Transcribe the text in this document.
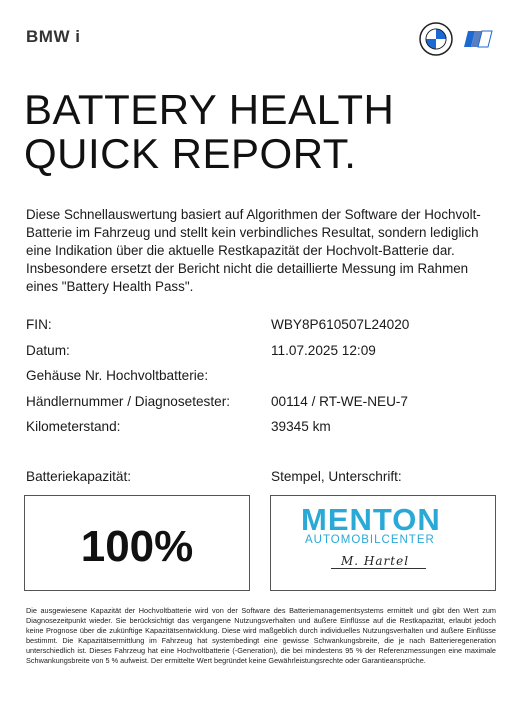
BMW i
BATTERY HEALTH
QUICK REPORT.

Diese Schnellauswertung basiert auf Algorithmen der Software der Hochvolt-Batterie im Fahrzeug und stellt kein verbindliches Resultat, sondern lediglich eine Indikation über die aktuelle Restkapazität der Hochvolt-Batterie dar. Insbesondere ersetzt der Bericht nicht die detaillierte Messung im Rahmen eines "Battery Health Pass".

FIN:	WBY8P610507L24020
Datum:	11.07.2025 12:09
Gehäuse Nr. Hochvoltbatterie:
Händlernummer / Diagnosetester:	00114 / RT-WE-NEU-7
Kilometerstand:	39345 km
Batteriekapazität:	Stempel, Unterschrift:
100%
MENTON
AUTOMOBILCENTER
M. Hartel

Die ausgewiesene Kapazität der Hochvoltbatterie wird von der Software des Batteriemanagementsystems ermittelt und gibt den Wert zum Diagnosezeitpunkt wieder. Sie berücksichtigt das vergangene Nutzungsverhalten und äußere Einflüsse auf die Restkapazität, erlaubt jedoch keine Prognose über die zukünftige Kapazitätsentwicklung. Diese wird maßgeblich durch individuelles Nutzungsverhalten und äußere Einflüsse bestimmt. Die Kapazitätsermittlung im Fahrzeug hat systembedingt eine gewisse Schwankungsbreite, die je nach Batterieregeneration unterschiedlich ist. Dieses Fahrzeug hat eine Hochvoltbatterie (-Generation), die bei mindestens 95 % der Referenzmessungen eine maximale Schwankungsbreite von 5 % aufweist. Der ermittelte Wert begründet keine Gewährleistungsrechte oder Garantieansprüche.
